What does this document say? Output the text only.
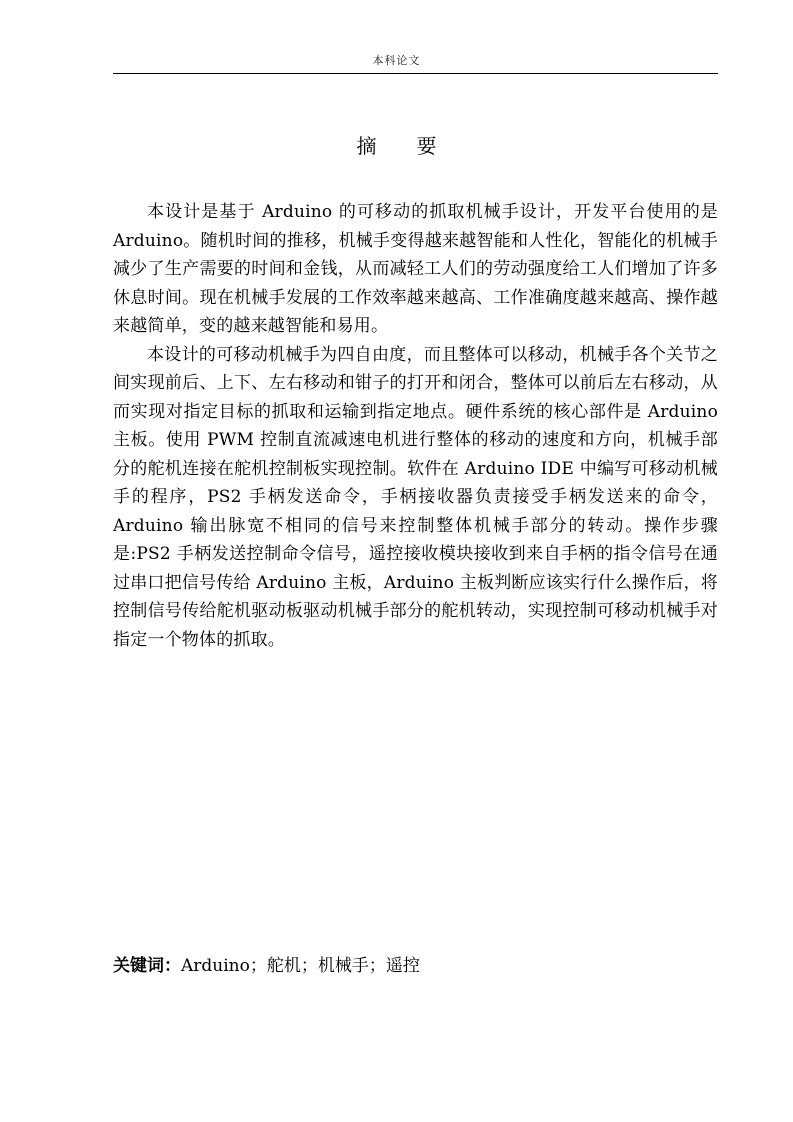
本科论文
摘要

本设计是基于 Arduino 的可移动的抓取机械手设计，开发平台使用的是 Arduino。随机时间的推移，机械手变得越来越智能和人性化，智能化的机械手减少了生产需要的时间和金钱，从而减轻工人们的劳动强度给工人们增加了许多休息时间。现在机械手发展的工作效率越来越高、工作准确度越来越高、操作越来越简单，变的越来越智能和易用。

本设计的可移动机械手为四自由度，而且整体可以移动，机械手各个关节之间实现前后、上下、左右移动和钳子的打开和闭合，整体可以前后左右移动，从而实现对指定目标的抓取和运输到指定地点。硬件系统的核心部件是 Arduino 主板。使用 PWM 控制直流减速电机进行整体的移动的速度和方向，机械手部分的舵机连接在舵机控制板实现控制。软件在 Arduino IDE 中编写可移动机械手的程序，PS2 手柄发送命令，手柄接收器负责接受手柄发送来的命令，Arduino 输出脉宽不相同的信号来控制整体机械手部分的转动。操作步骤是:PS2 手柄发送控制命令信号，遥控接收模块接收到来自手柄的指令信号在通过串口把信号传给 Arduino 主板，Arduino 主板判断应该实行什么操作后，将控制信号传给舵机驱动板驱动机械手部分的舵机转动，实现控制可移动机械手对指定一个物体的抓取。

关键词：Arduino；舵机；机械手；遥控
